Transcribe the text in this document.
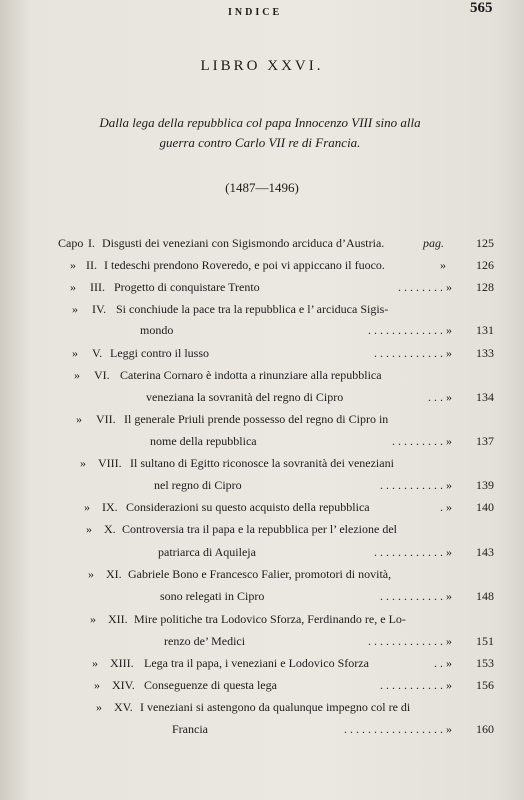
INDICE	565
LIBRO XXVI.
Dalla lega della repubblica col papa Innocenzo VIII sino alla
guerra contro Carlo VII re di Francia.
(1487—1496)
Capo I. Disgusti dei veneziani con Sigismondo arciduca d’Austria.	pag.	125
» II. I tedeschi prendono Roveredo, e poi vi appiccano il fuoco.	»	126
» III. Progetto di conquistare Trento	. . . . . . . . »	128
» IV. Si conchiude la pace tra la repubblica e l’ arciduca Sigis-
mondo	. . . . . . . . . . . . . »	131
» V. Leggi contro il lusso	. . . . . . . . . . . . »	133
» VI. Caterina Cornaro è indotta a rinunziare alla repubblica
veneziana la sovranità del regno di Cipro	. . . »	134
» VII. Il generale Priuli prende possesso del regno di Cipro in
nome della repubblica	. . . . . . . . . »	137
» VIII. Il sultano di Egitto riconosce la sovranità dei veneziani
nel regno di Cipro	. . . . . . . . . . . »	139
» IX. Considerazioni su questo acquisto della repubblica	. »	140
» X. Controversia tra il papa e la repubblica per l’ elezione del
patriarca di Aquileja	. . . . . . . . . . . . »	143
» XI. Gabriele Bono e Francesco Falier, promotori di novità,
sono relegati in Cipro	. . . . . . . . . . . »	148
» XII. Mire politiche tra Lodovico Sforza, Ferdinando re, e Lo-
renzo de’ Medici	. . . . . . . . . . . . . »	151
» XIII. Lega tra il papa, i veneziani e Lodovico Sforza	. . »	153
» XIV. Conseguenze di questa lega	. . . . . . . . . . . »	156
» XV. I veneziani si astengono da qualunque impegno col re di
Francia	. . . . . . . . . . . . . . . . . »	160
